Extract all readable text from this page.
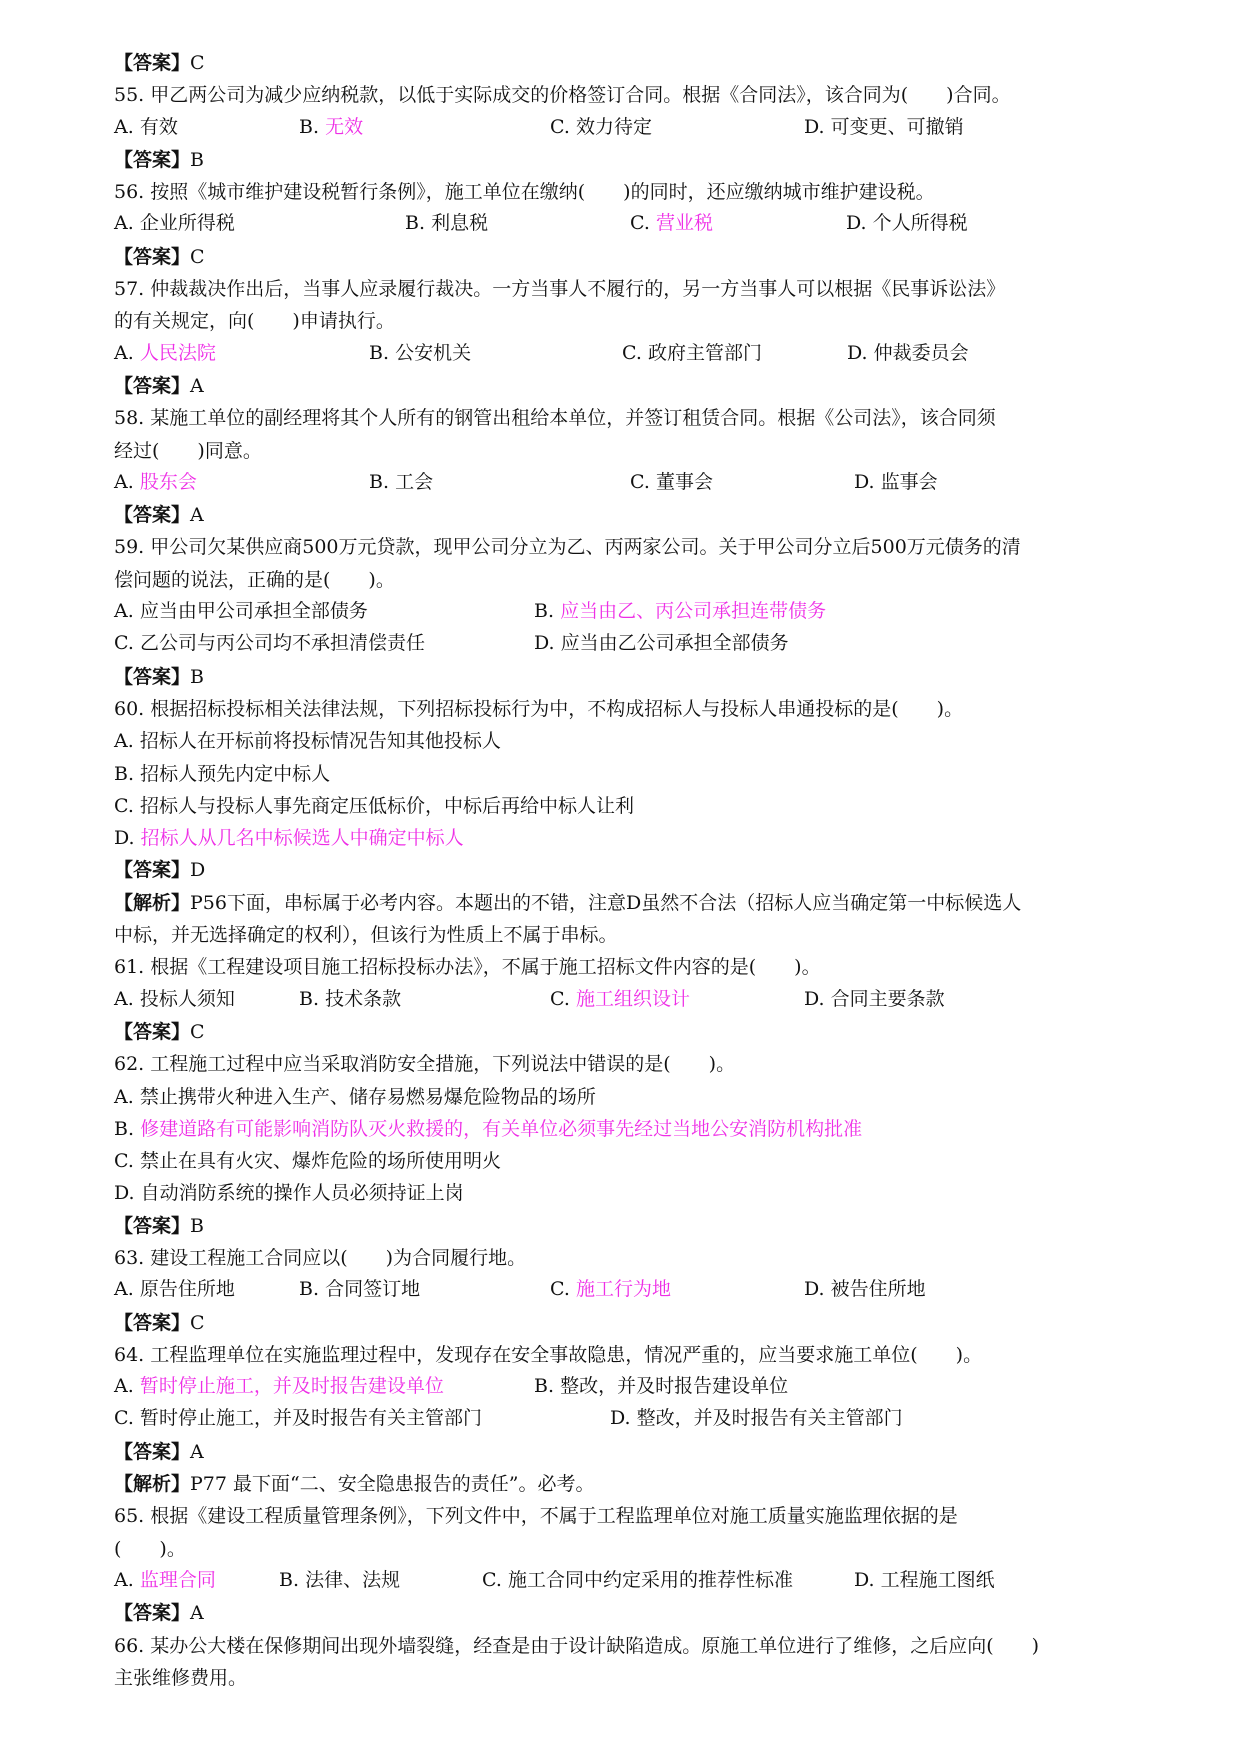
【答案】C
55. 甲乙两公司为减少应纳税款，以低于实际成交的价格签订合同。根据《合同法》，该合同为(　　)合同。
A. 有效	B. 无效	C. 效力待定	D. 可变更、可撤销
【答案】B
56. 按照《城市维护建设税暂行条例》，施工单位在缴纳(　　)的同时，还应缴纳城市维护建设税。
A. 企业所得税	B. 利息税	C. 营业税	D. 个人所得税
【答案】C
57. 仲裁裁决作出后，当事人应录履行裁决。一方当事人不履行的，另一方当事人可以根据《民事诉讼法》
的有关规定，向(　　)申请执行。
A. 人民法院	B. 公安机关	C. 政府主管部门	D. 仲裁委员会
【答案】A
58. 某施工单位的副经理将其个人所有的钢管出租给本单位，并签订租赁合同。根据《公司法》，该合同须
经过(　　)同意。
A. 股东会	B. 工会	C. 董事会	D. 监事会
【答案】A
59. 甲公司欠某供应商500万元贷款，现甲公司分立为乙、丙两家公司。关于甲公司分立后500万元债务的清
偿问题的说法，正确的是(　　)。
A. 应当由甲公司承担全部债务	B. 应当由乙、丙公司承担连带债务
C. 乙公司与丙公司均不承担清偿责任	D. 应当由乙公司承担全部债务
【答案】B
60. 根据招标投标相关法律法规，下列招标投标行为中，不构成招标人与投标人串通投标的是(　　)。
A. 招标人在开标前将投标情况告知其他投标人
B. 招标人预先内定中标人
C. 招标人与投标人事先商定压低标价，中标后再给中标人让利
D. 招标人从几名中标候选人中确定中标人
【答案】D
【解析】P56下面，串标属于必考内容。本题出的不错，注意D虽然不合法（招标人应当确定第一中标候选人
中标，并无选择确定的权利），但该行为性质上不属于串标。
61. 根据《工程建设项目施工招标投标办法》，不属于施工招标文件内容的是(　　)。
A. 投标人须知	B. 技术条款	C. 施工组织设计	D. 合同主要条款
【答案】C
62. 工程施工过程中应当采取消防安全措施，下列说法中错误的是(　　)。
A. 禁止携带火种进入生产、储存易燃易爆危险物品的场所
B. 修建道路有可能影响消防队灭火救援的，有关单位必须事先经过当地公安消防机构批准
C. 禁止在具有火灾、爆炸危险的场所使用明火
D. 自动消防系统的操作人员必须持证上岗
【答案】B
63. 建设工程施工合同应以(　　)为合同履行地。
A. 原告住所地	B. 合同签订地	C. 施工行为地	D. 被告住所地
【答案】C
64. 工程监理单位在实施监理过程中，发现存在安全事故隐患，情况严重的，应当要求施工单位(　　)。
A. 暂时停止施工，并及时报告建设单位	B. 整改，并及时报告建设单位
C. 暂时停止施工，并及时报告有关主管部门	D. 整改，并及时报告有关主管部门
【答案】A
【解析】P77 最下面“二、安全隐患报告的责任”。必考。
65. 根据《建设工程质量管理条例》，下列文件中，不属于工程监理单位对施工质量实施监理依据的是
(　　)。
A. 监理合同	B. 法律、法规	C. 施工合同中约定采用的推荐性标准	D. 工程施工图纸
【答案】A
66. 某办公大楼在保修期间出现外墙裂缝，经查是由于设计缺陷造成。原施工单位进行了维修，之后应向(　　)
主张维修费用。
